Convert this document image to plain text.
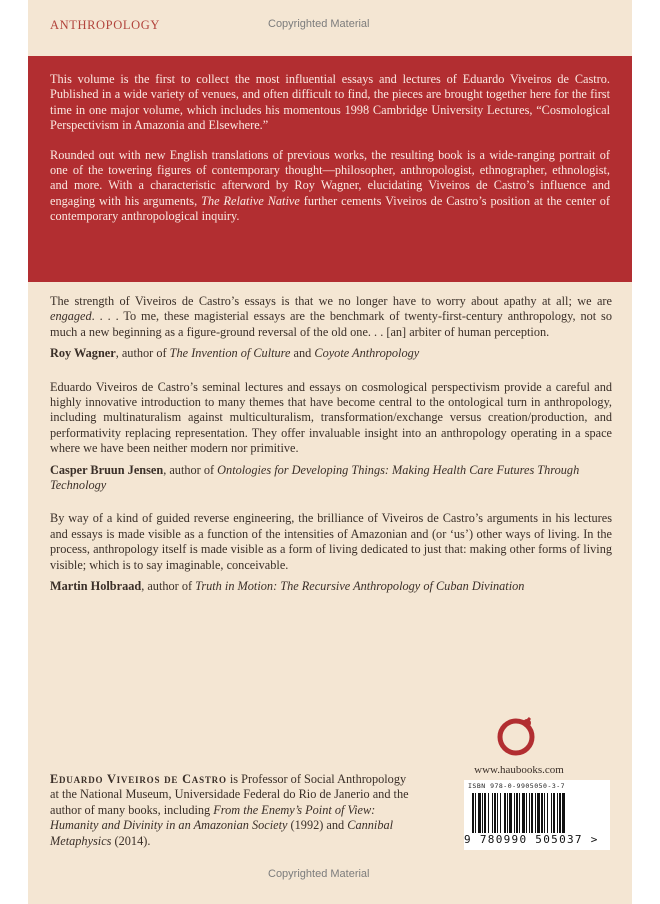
ANTHROPOLOGY	Copyrighted Material

This volume is the first to collect the most influential essays and lectures of Eduardo Viveiros de Castro. Published in a wide variety of venues, and often difficult to find, the pieces are brought together here for the first time in one major volume, which includes his momentous 1998 Cambridge University Lectures, “Cosmological Perspectivism in Amazonia and Elsewhere.”

Rounded out with new English translations of previous works, the resulting book is a wide-ranging portrait of one of the towering figures of contemporary thought—philosopher, anthropologist, ethnographer, ethnologist, and more. With a characteristic afterword by Roy Wagner, elucidating Viveiros de Castro’s influence and engaging with his arguments, The Relative Native further cements Viveiros de Castro’s position at the center of contemporary anthropological inquiry.

The strength of Viveiros de Castro’s essays is that we no longer have to worry about apathy at all; we are engaged. . . . To me, these magisterial essays are the benchmark of twenty-first-century anthropology, not so much a new beginning as a figure-ground reversal of the old one. . . [an] arbiter of human perception.

Roy Wagner, author of The Invention of Culture and Coyote Anthropology

Eduardo Viveiros de Castro’s seminal lectures and essays on cosmological perspectivism provide a careful and highly innovative introduction to many themes that have become central to the ontological turn in anthropology, including multinaturalism against multiculturalism, transformation/exchange versus creation/production, and performativity replacing representation. They offer invaluable insight into an anthropology operating in a space where we have been neither modern nor primitive.

Casper Bruun Jensen, author of Ontologies for Developing Things: Making Health Care Futures Through Technology

By way of a kind of guided reverse engineering, the brilliance of Viveiros de Castro’s arguments in his lectures and essays is made visible as a function of the intensities of Amazonian and (or ‘us’) other ways of living. In the process, anthropology itself is made visible as a form of living dedicated to just that: making other forms of living visible; which is to say imaginable, conceivable.

Martin Holbraad, author of Truth in Motion: The Recursive Anthropology of Cuban Divination

www.haubooks.com
ISBN 978-0-9905050-3-7
9 780990 505037 >
Eduardo Viveiros de Castro is Professor of Social Anthropology at the National Museum, Universidade Federal do Rio de Janerio and the author of many books, including From the Enemy’s Point of View: Humanity and Divinity in an Amazonian Society (1992) and Cannibal Metaphysics (2014).
Copyrighted Material
